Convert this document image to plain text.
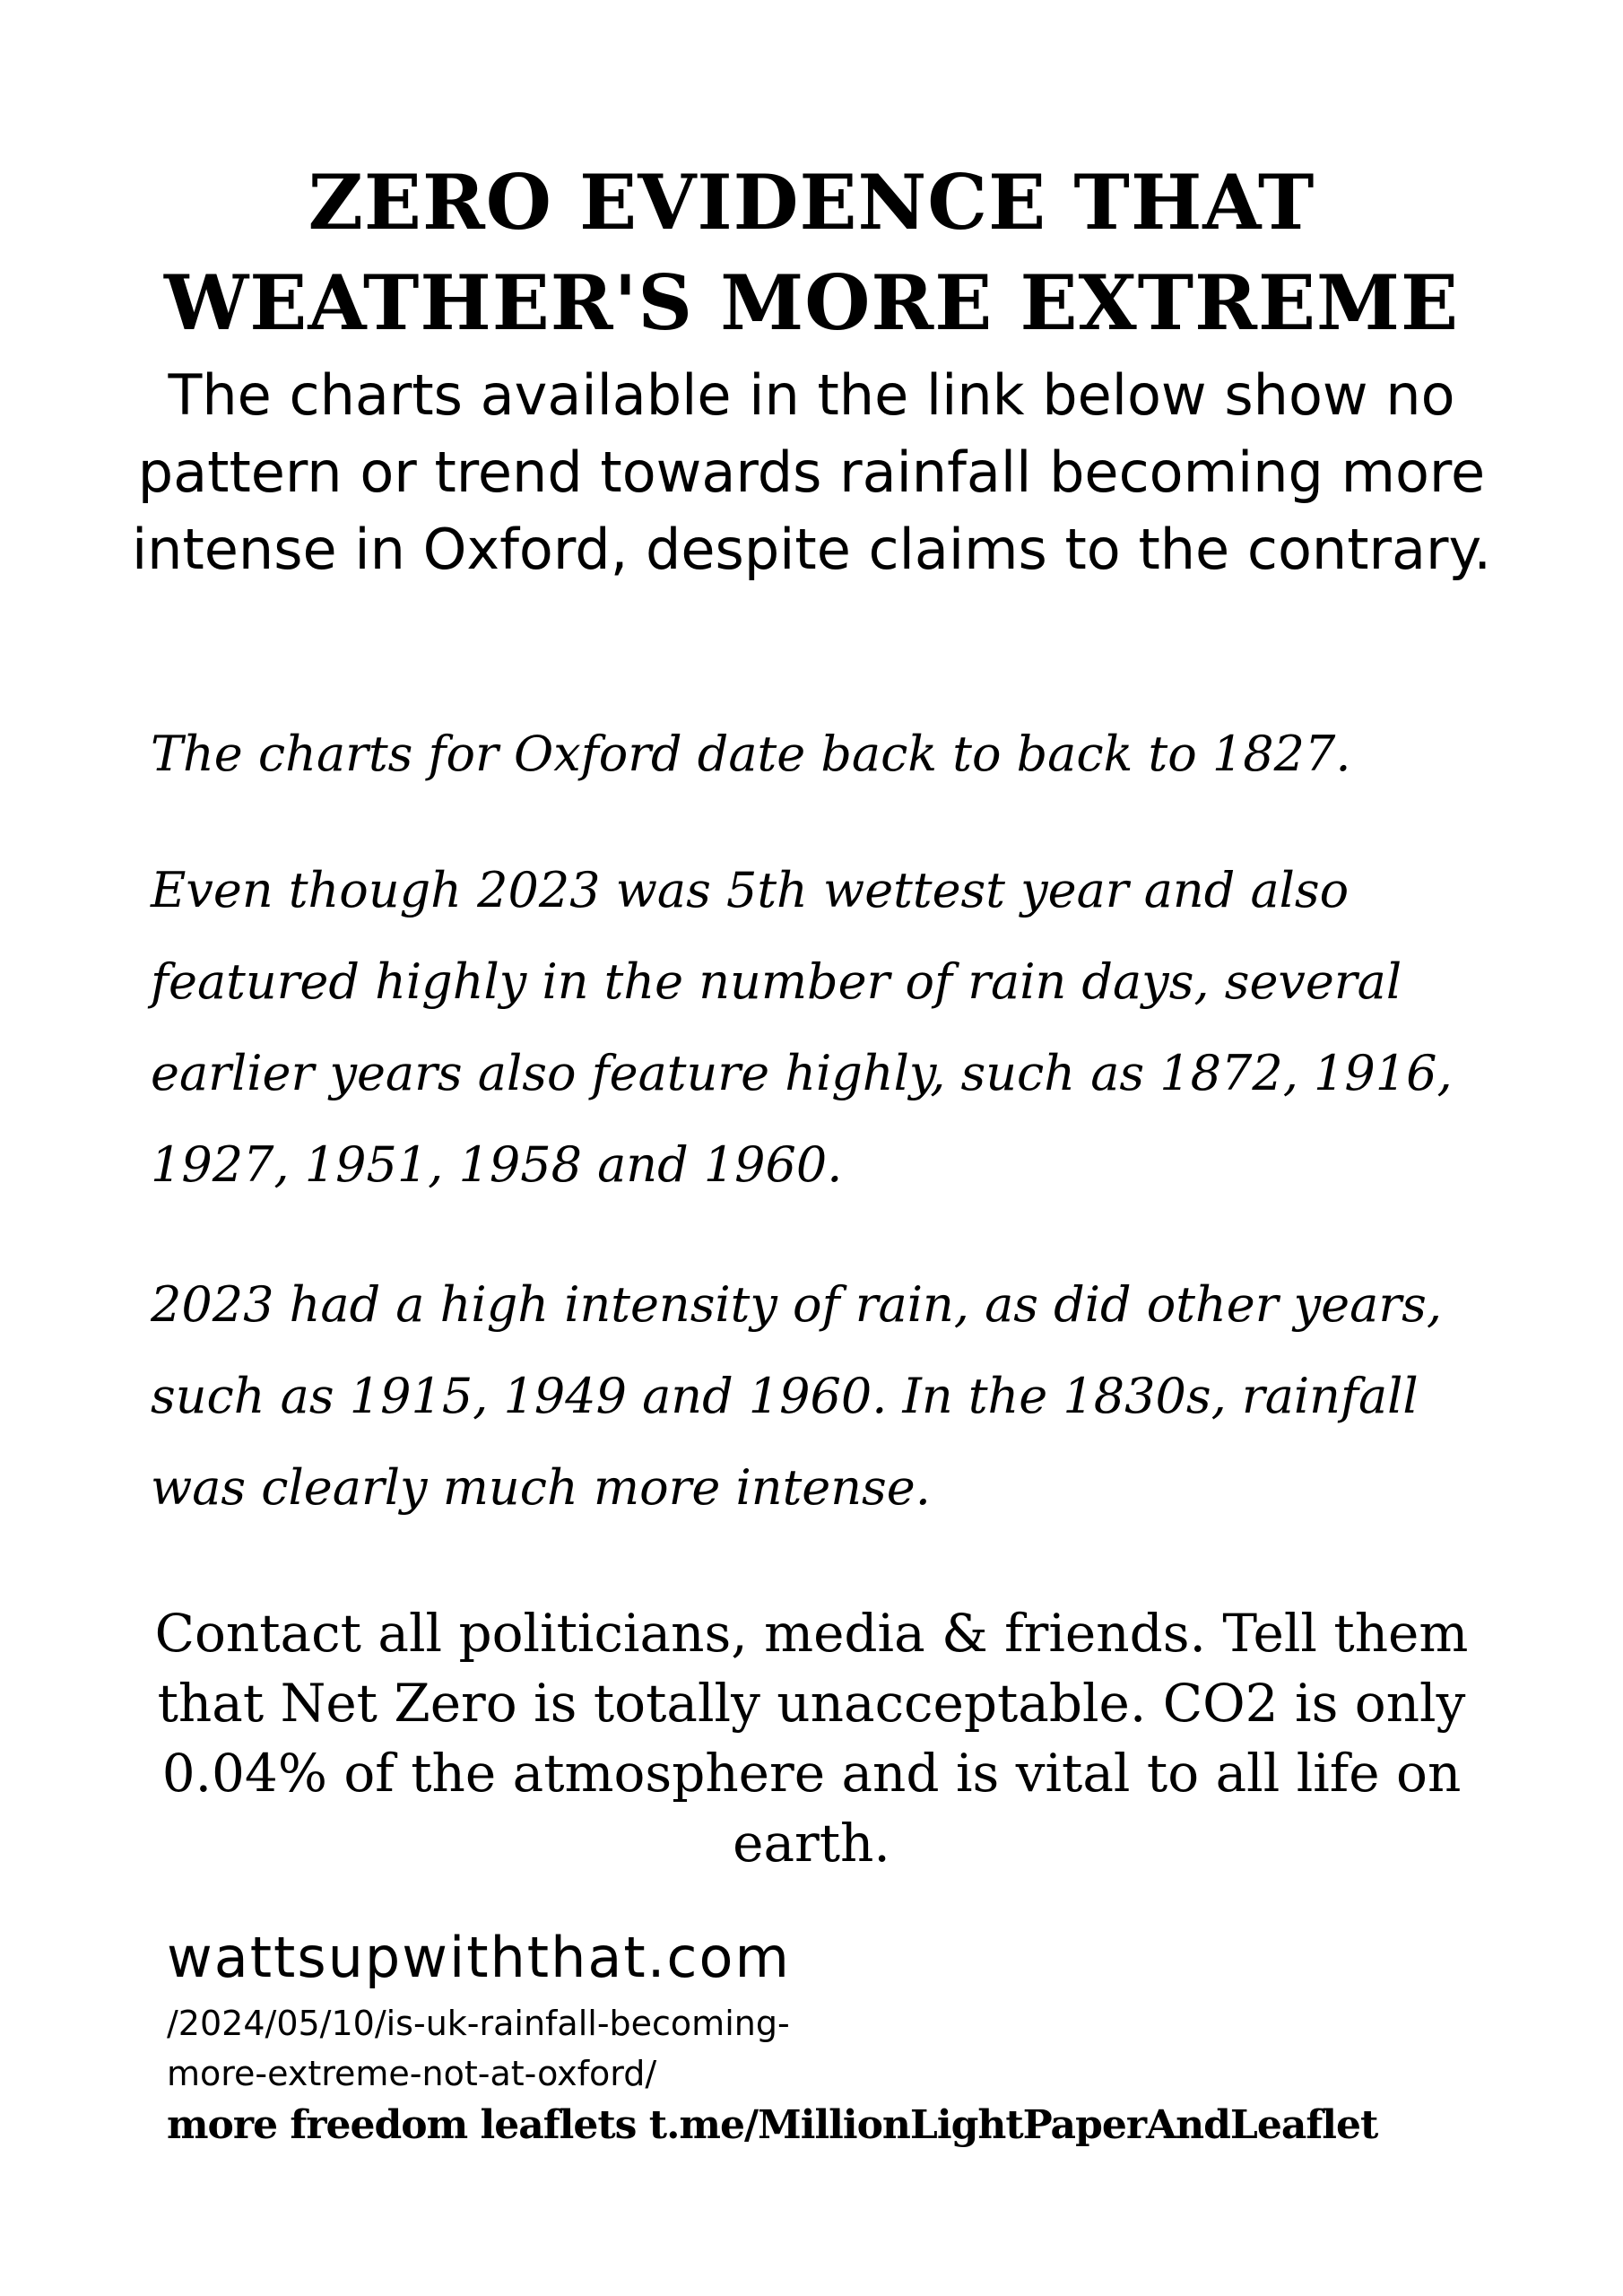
ZERO EVIDENCE THAT
WEATHER'S MORE EXTREME

The charts available in the link below show no pattern or trend towards rainfall becoming more intense in Oxford, despite claims to the contrary.

The charts for Oxford date back to back to 1827.

Even though 2023 was 5th wettest year and also featured highly in the number of rain days, several earlier years also feature highly, such as 1872, 1916, 1927, 1951, 1958 and 1960.

2023 had a high intensity of rain, as did other years, such as 1915, 1949 and 1960. In the 1830s, rainfall was clearly much more intense.

Contact all politicians, media & friends. Tell them that Net Zero is totally unacceptable. CO2 is only 0.04% of the atmosphere and is vital to all life on earth.

wattsupwiththat.com

/2024/05/10/is-uk-rainfall-becoming-
more-extreme-not-at-oxford/

more freedom leaflets t.me/MillionLightPaperAndLeaflet
